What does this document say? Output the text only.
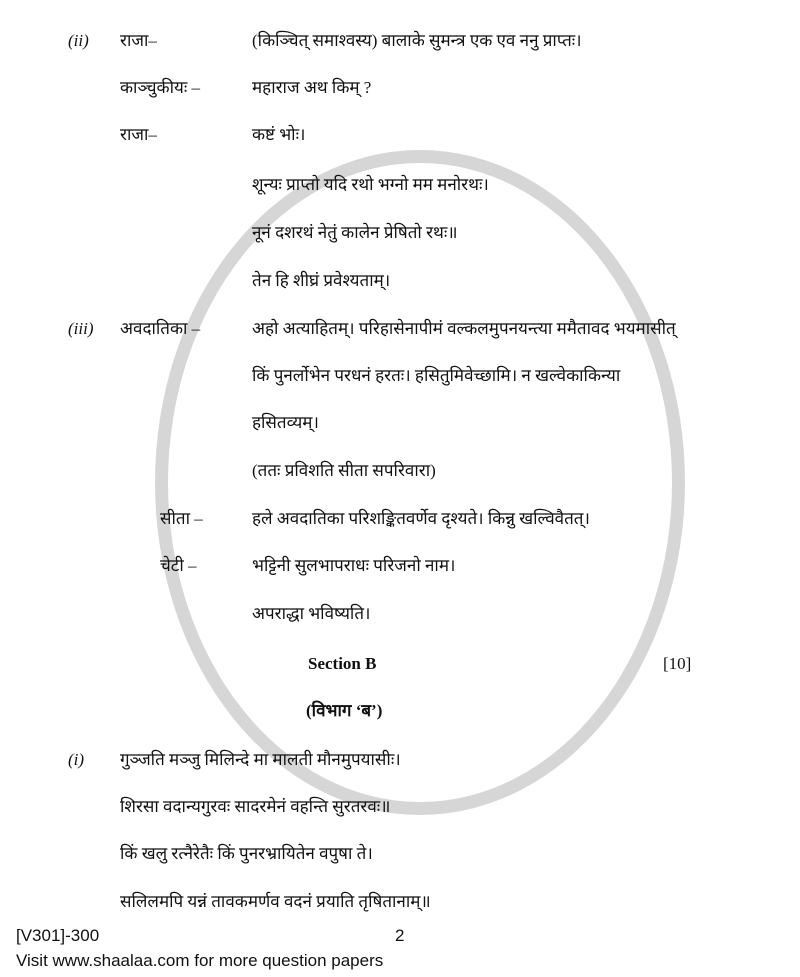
(ii) राजा–	(किञ्चित् समाश्वस्य) बालाके सुमन्त्र एक एव ननु प्राप्तः।
काञ्चुकीयः –	महाराज अथ किम् ?
राजा–	कष्टं भोः।
शून्यः प्राप्तो यदि रथो भग्नो मम मनोरथः।
नूनं दशरथं नेतुं कालेन प्रेषितो रथः॥
तेन हि शीघ्रं प्रवेश्यताम्।
(iii) अवदातिका –	अहो अत्याहितम्। परिहासेनापीमं वल्कलमुपनयन्त्या ममैतावद भयमासीत्
किं पुनर्लोभेन परधनं हरतः। हसितुमिवेच्छामि। न खल्वेकाकिन्या
हसितव्यम्।
(ततः प्रविशति सीता सपरिवारा)
सीता –	हले अवदातिका परिशङ्कितवर्णेव दृश्यते। किन्नु खल्विवैतत्।
चेटी –	भट्टिनी सुलभापराधः परिजनो नाम।
अपराद्धा भविष्यति।
Section B	[10]
(विभाग ‘ब’)
(i) गुञ्जति मञ्जु मिलिन्दे मा मालती मौनमुपयासीः।
शिरसा वदान्यगुरवः सादरमेनं वहन्ति सुरतरवः॥
किं खलु रत्नैरेतैः किं पुनरभ्रायितेन वपुषा ते।
सलिलमपि यन्नं तावकमर्णव वदनं प्रयाति तृषितानाम्॥
[V301]-300	2
Visit www.shaalaa.com for more question papers
